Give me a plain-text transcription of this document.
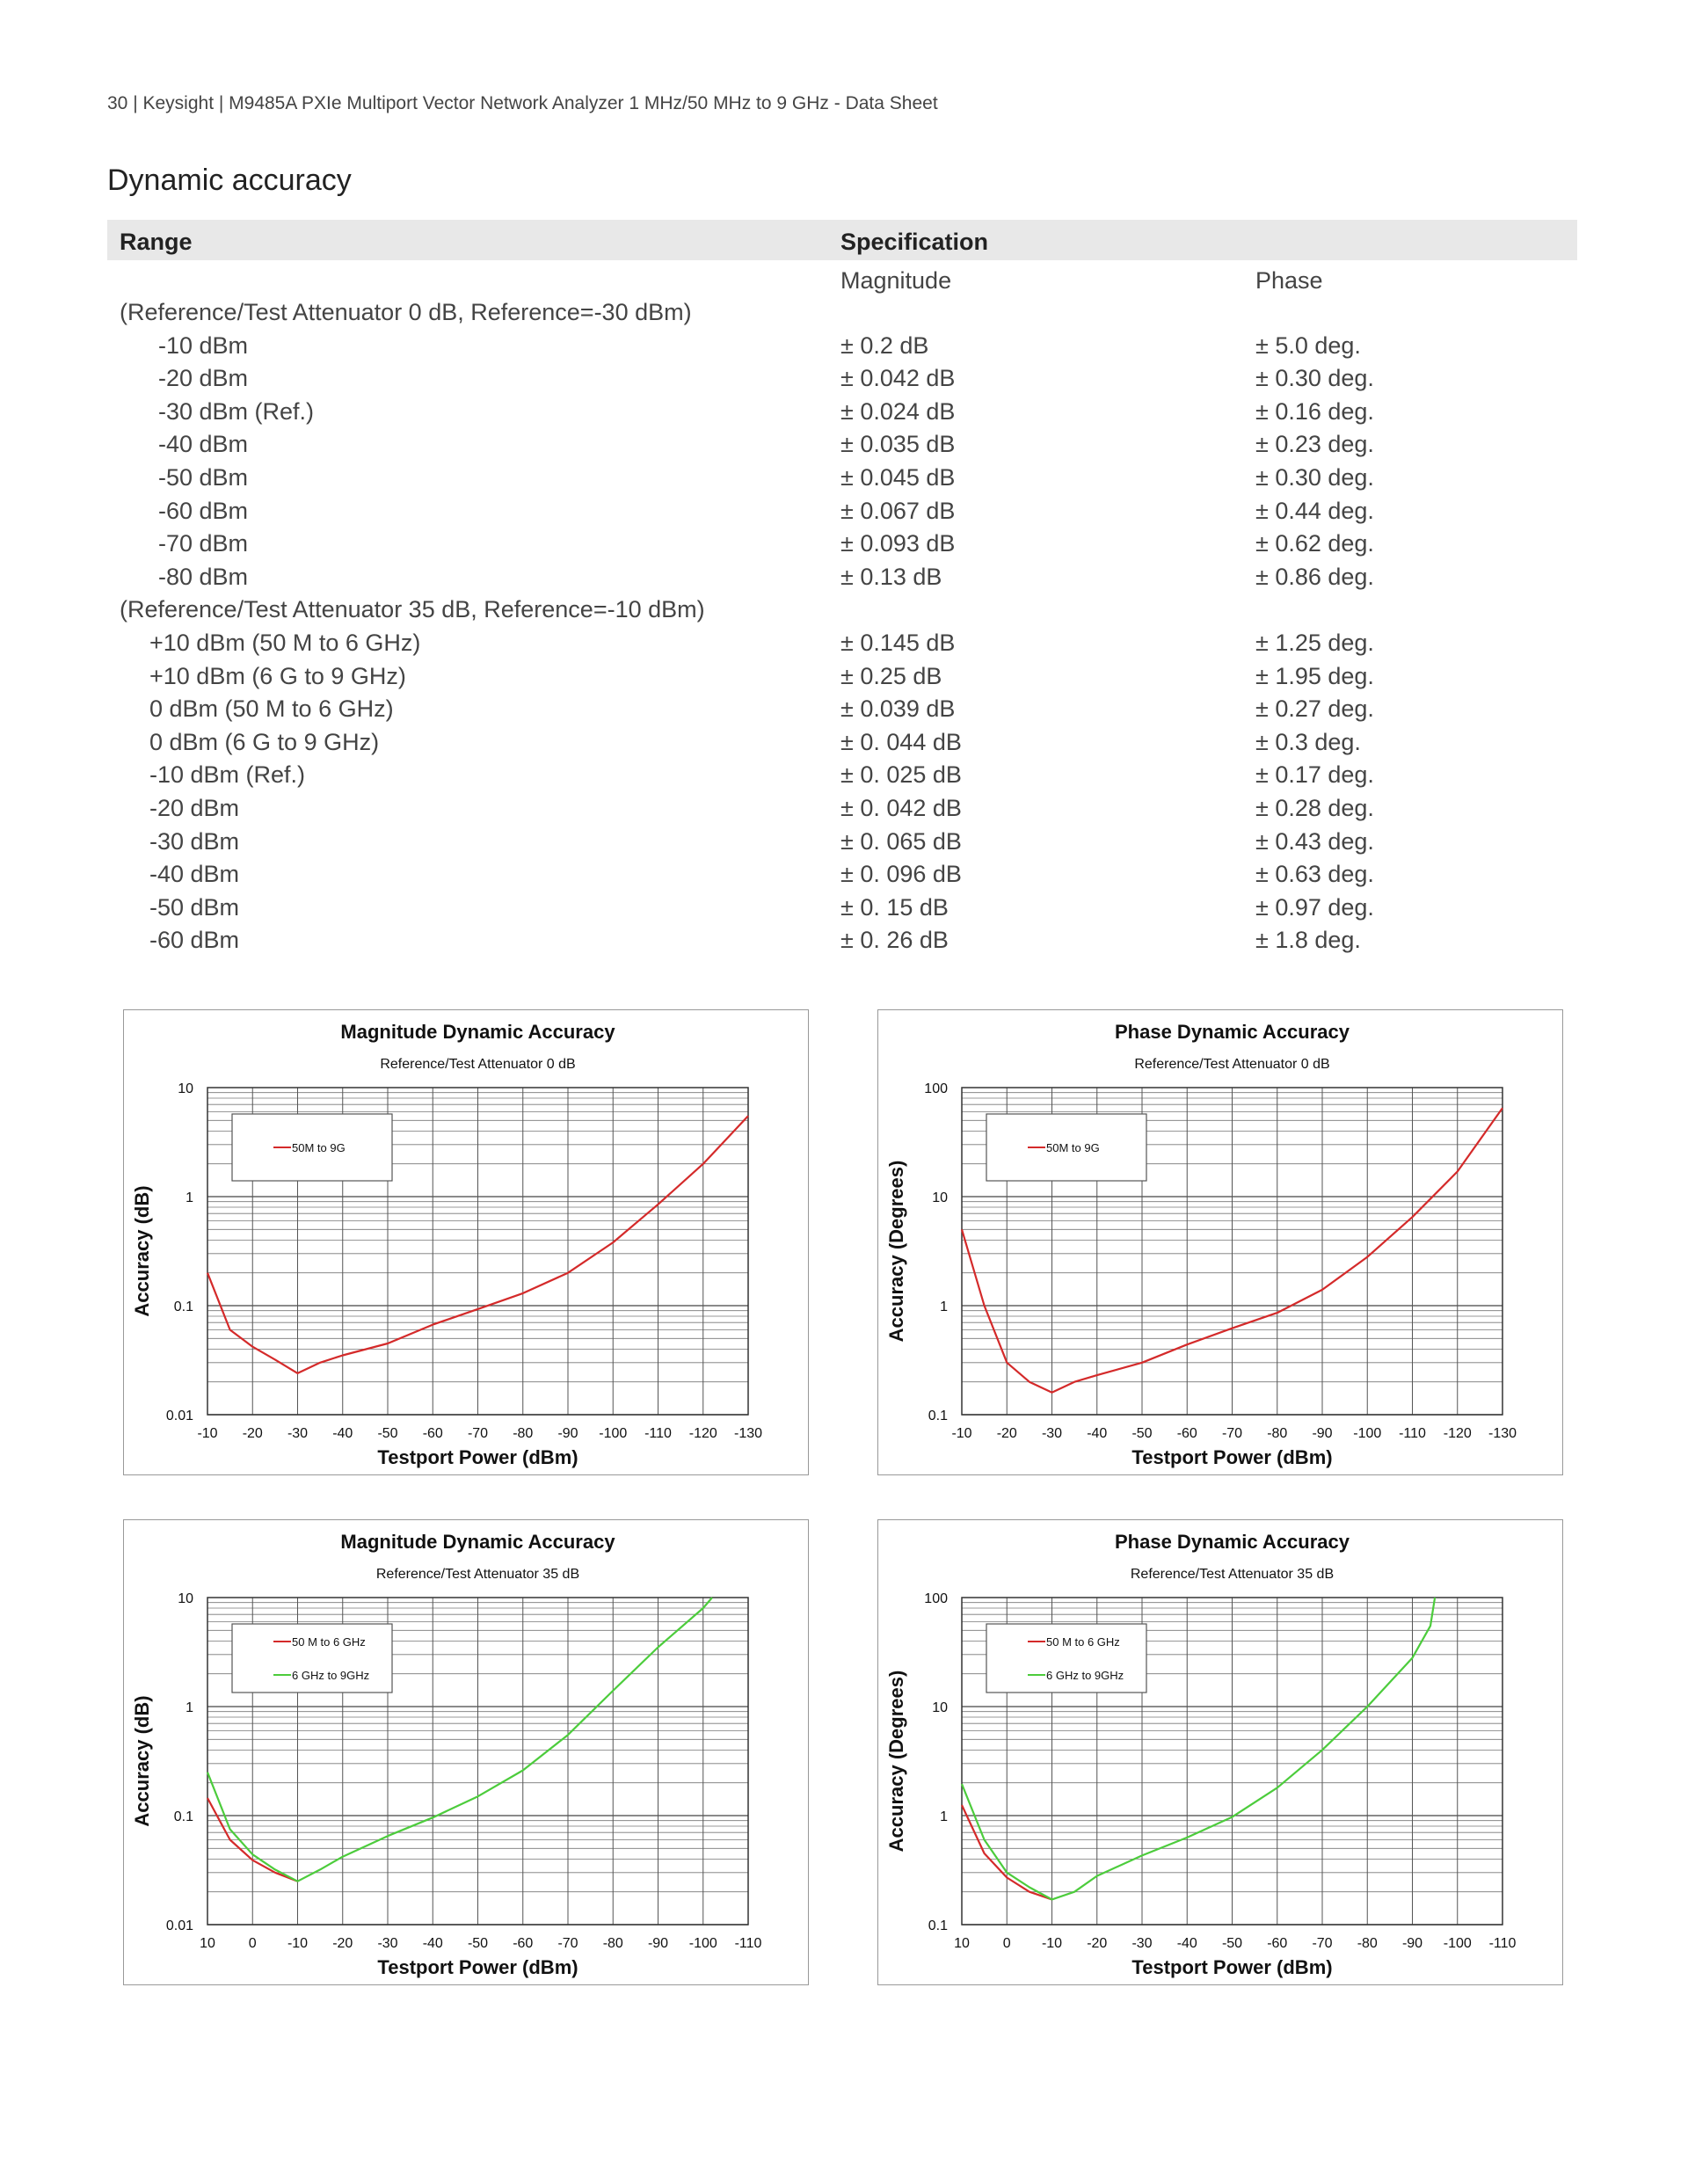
30 | Keysight | M9485A PXIe Multiport Vector Network Analyzer 1 MHz/50 MHz to 9 GHz - Data Sheet
Dynamic accuracy
Range	Specification
Magnitude	Phase
(Reference/Test Attenuator 0 dB, Reference=-30 dBm)
-10 dBm	± 0.2 dB	± 5.0 deg.
-20 dBm	± 0.042 dB	± 0.30 deg.
-30 dBm (Ref.)	± 0.024 dB	± 0.16 deg.
-40 dBm	± 0.035 dB	± 0.23 deg.
-50 dBm	± 0.045 dB	± 0.30 deg.
-60 dBm	± 0.067 dB	± 0.44 deg.
-70 dBm	± 0.093 dB	± 0.62 deg.
-80 dBm	± 0.13 dB	± 0.86 deg.
(Reference/Test Attenuator 35 dB, Reference=-10 dBm)
+10 dBm (50 M to 6 GHz)	± 0.145 dB	± 1.25 deg.
+10 dBm (6 G to 9 GHz)	± 0.25 dB	± 1.95 deg.
0 dBm (50 M to 6 GHz)	± 0.039 dB	± 0.27 deg.
0 dBm (6 G to 9 GHz)	± 0. 044 dB	± 0.3 deg.
-10 dBm (Ref.)	± 0. 025 dB	± 0.17 deg.
-20 dBm	± 0. 042 dB	± 0.28 deg.
-30 dBm	± 0. 065 dB	± 0.43 deg.
-40 dBm	± 0. 096 dB	± 0.63 deg.
-50 dBm	± 0. 15 dB	± 0.97 deg.
-60 dBm	± 0. 26 dB	± 1.8 deg.
Magnitude Dynamic Accuracy
Reference/Test Attenuator 0 dB
0.01
0.1
1
10
-10 -20 -30 -40 -50 -60 -70 -80 -90 -100 -110 -120 -130
Testport Power (dBm)
Accuracy (dB)
50M to 9G
Phase Dynamic Accuracy
Reference/Test Attenuator 0 dB
0.1
1
10
100
-10 -20 -30 -40 -50 -60 -70 -80 -90 -100 -110 -120 -130
Testport Power (dBm)
Accuracy (Degrees)
50M to 9G
Magnitude Dynamic Accuracy
Reference/Test Attenuator 35 dB
0.01
0.1
1
10
10 0 -10 -20 -30 -40 -50 -60 -70 -80 -90 -100 -110
Testport Power (dBm)
Accuracy (dB)
50 M to 6 GHz
6 GHz to 9GHz
Phase Dynamic Accuracy
Reference/Test Attenuator 35 dB
0.1
1
10
100
10 0 -10 -20 -30 -40 -50 -60 -70 -80 -90 -100 -110
Testport Power (dBm)
Accuracy (Degrees)
50 M to 6 GHz
6 GHz to 9GHz
